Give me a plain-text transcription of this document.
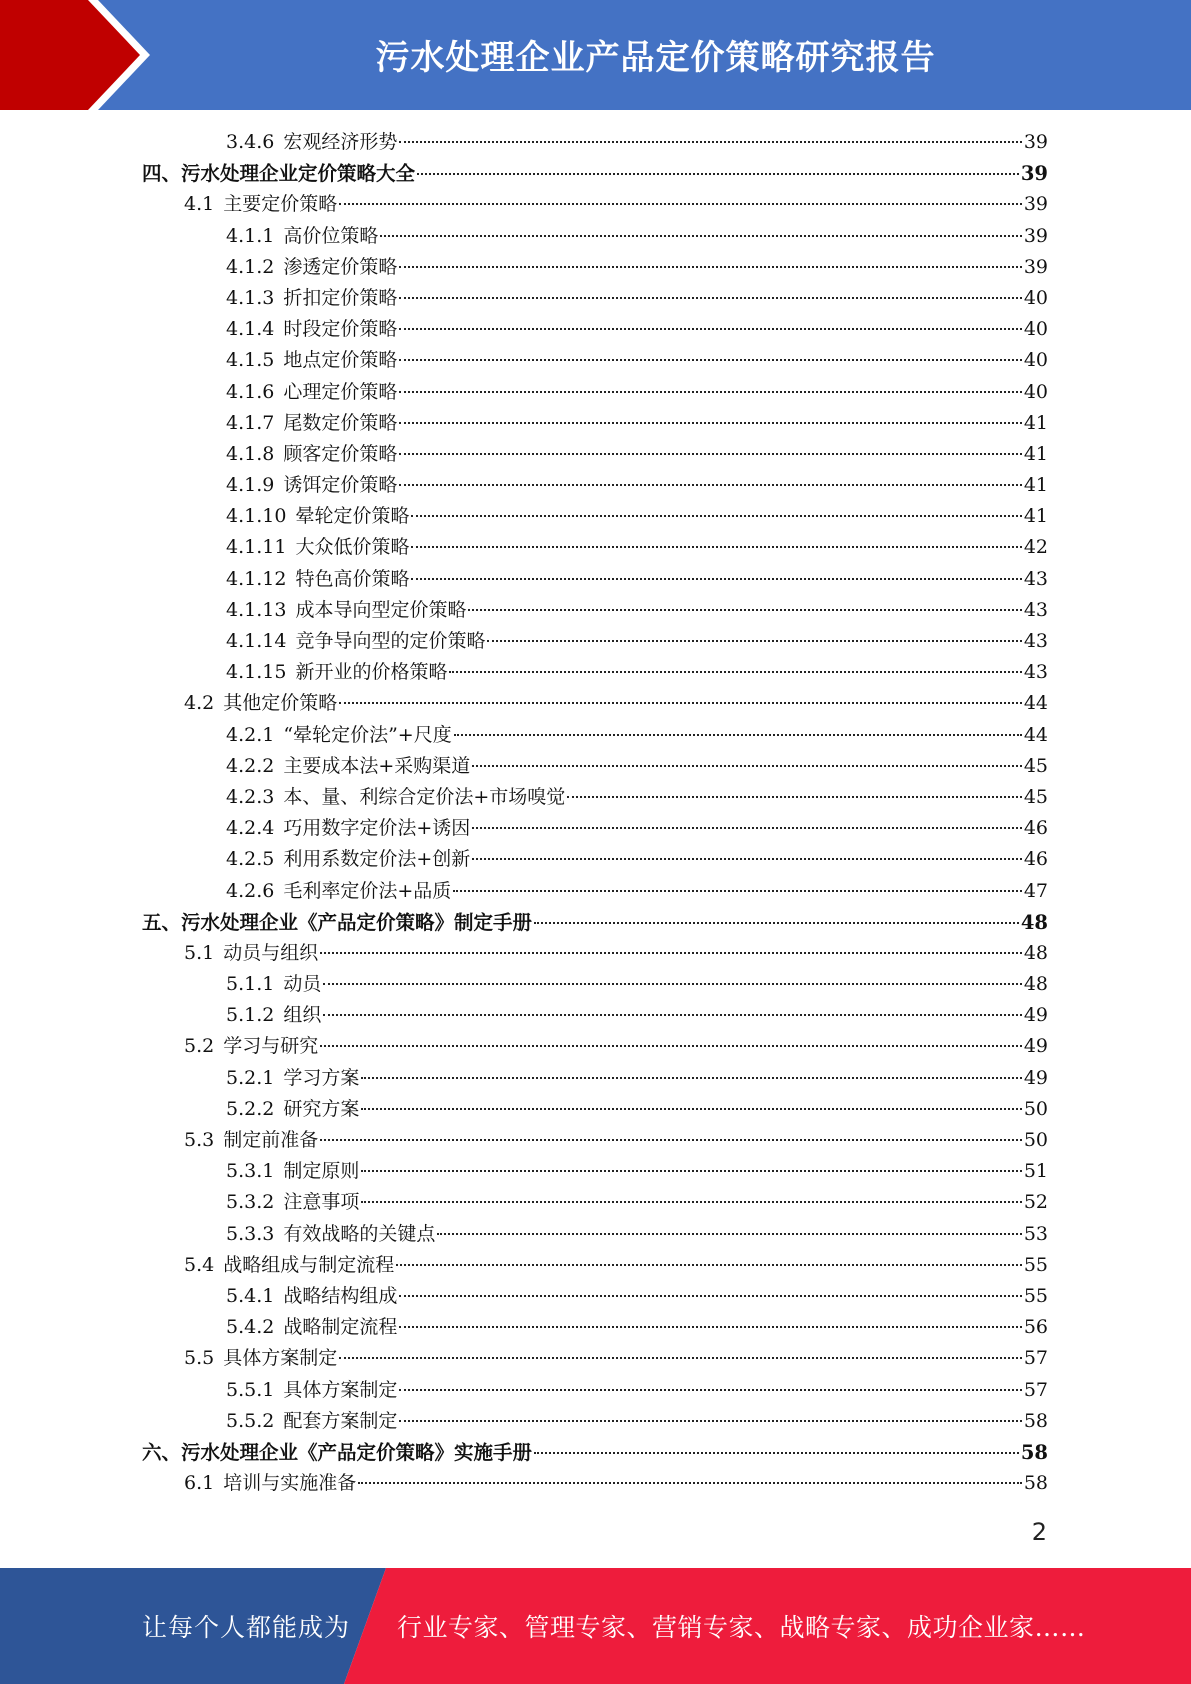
污水处理企业产品定价策略研究报告
3.4.6 宏观经济形势	39
四、污水处理企业定价策略大全	39
4.1 主要定价策略	39
4.1.1 高价位策略	39
4.1.2 渗透定价策略	39
4.1.3 折扣定价策略	40
4.1.4 时段定价策略	40
4.1.5 地点定价策略	40
4.1.6 心理定价策略	40
4.1.7 尾数定价策略	41
4.1.8 顾客定价策略	41
4.1.9 诱饵定价策略	41
4.1.10 晕轮定价策略	41
4.1.11 大众低价策略	42
4.1.12 特色高价策略	43
4.1.13 成本导向型定价策略	43
4.1.14 竞争导向型的定价策略	43
4.1.15 新开业的价格策略	43
4.2 其他定价策略	44
4.2.1 “晕轮定价法”+尺度	44
4.2.2 主要成本法+采购渠道	45
4.2.3 本、量、利综合定价法+市场嗅觉	45
4.2.4 巧用数字定价法+诱因	46
4.2.5 利用系数定价法+创新	46
4.2.6 毛利率定价法+品质	47
五、污水处理企业《产品定价策略》制定手册	48
5.1 动员与组织	48
5.1.1 动员	48
5.1.2 组织	49
5.2 学习与研究	49
5.2.1 学习方案	49
5.2.2 研究方案	50
5.3 制定前准备	50
5.3.1 制定原则	51
5.3.2 注意事项	52
5.3.3 有效战略的关键点	53
5.4 战略组成与制定流程	55
5.4.1 战略结构组成	55
5.4.2 战略制定流程	56
5.5 具体方案制定	57
5.5.1 具体方案制定	57
5.5.2 配套方案制定	58
六、污水处理企业《产品定价策略》实施手册	58
6.1 培训与实施准备	58
2
让每个人都能成为 行业专家、管理专家、营销专家、战略专家、成功企业家……
